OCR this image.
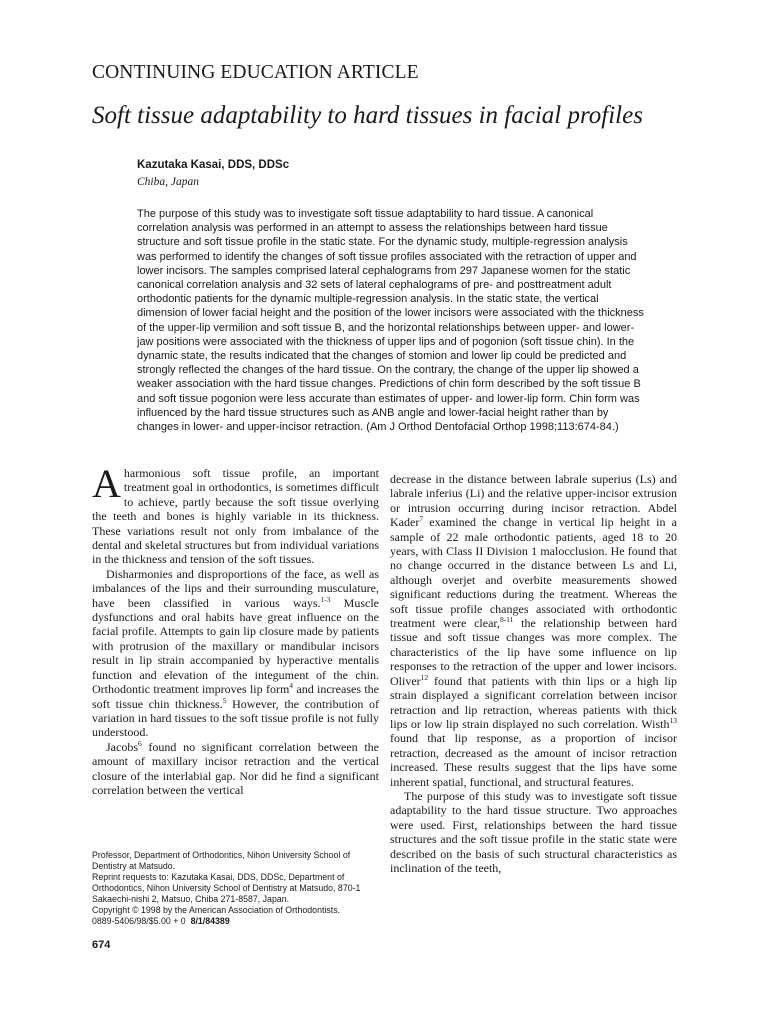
CONTINUING EDUCATION ARTICLE
Soft tissue adaptability to hard tissues in facial profiles

Kazutaka Kasai, DDS, DDSc

Chiba, Japan

The purpose of this study was to investigate soft tissue adaptability to hard tissue. A canonical correlation analysis was performed in an attempt to assess the relationships between hard tissue structure and soft tissue profile in the static state. For the dynamic study, multiple-regression analysis was performed to identify the changes of soft tissue profiles associated with the retraction of upper and lower incisors. The samples comprised lateral cephalograms from 297 Japanese women for the static canonical correlation analysis and 32 sets of lateral cephalograms of pre- and posttreatment adult orthodontic patients for the dynamic multiple-regression analysis. In the static state, the vertical dimension of lower facial height and the position of the lower incisors were associated with the thickness of the upper-lip vermilion and soft tissue B, and the horizontal relationships between upper- and lower-jaw positions were associated with the thickness of upper lips and of pogonion (soft tissue chin). In the dynamic state, the results indicated that the changes of stomion and lower lip could be predicted and strongly reflected the changes of the hard tissue. On the contrary, the change of the upper lip showed a weaker association with the hard tissue changes. Predictions of chin form described by the soft tissue B and soft tissue pogonion were less accurate than estimates of upper- and lower-lip form. Chin form was influenced by the hard tissue structures such as ANB angle and lower-facial height rather than by changes in lower- and upper-incisor retraction. (Am J Orthod Dentofacial Orthop 1998;113:674-84.)

A harmonious soft tissue profile, an important treatment goal in orthodontics, is sometimes difficult to achieve, partly because the soft tissue overlying the teeth and bones is highly variable in its thickness. These variations result not only from imbalance of the dental and skeletal structures but from individual variations in the thickness and tension of the soft tissues.

Disharmonies and disproportions of the face, as well as imbalances of the lips and their surrounding musculature, have been classified in various ways.$^{1-3}$ Muscle dysfunctions and oral habits have great influence on the facial profile. Attempts to gain lip closure made by patients with protrusion of the maxillary or mandibular incisors result in lip strain accompanied by hyperactive mentalis function and elevation of the integument of the chin. Orthodontic treatment improves lip form$^4$ and increases the soft tissue chin thickness.$^5$ However, the contribution of variation in hard tissues to the soft tissue profile is not fully understood.

Jacobs$^6$ found no significant correlation between the amount of maxillary incisor retraction and the vertical closure of the interlabial gap. Nor did he find a significant correlation between the vertical

Professor, Department of Orthodontics, Nihon University School of Dentistry at Matsudo.

Reprint requests to: Kazutaka Kasai, DDS, DDSc, Department of Orthodontics, Nihon University School of Dentistry at Matsudo, 870-1 Sakaechi-nishi 2, Matsuo, Chiba 271-8587, Japan.

Copyright © 1998 by the American Association of Orthodontists.

0889-5406/98/$5.00 + 0 8/1/84389

674

decrease in the distance between labrale superius (Ls) and labrale inferius (Li) and the relative upper-incisor extrusion or intrusion occurring during incisor retraction. Abdel Kader$^7$ examined the change in vertical lip height in a sample of 22 male orthodontic patients, aged 18 to 20 years, with Class II Division 1 malocclusion. He found that no change occurred in the distance between Ls and Li, although overjet and overbite measurements showed significant reductions during the treatment. Whereas the soft tissue profile changes associated with orthodontic treatment were clear,$^{8-11}$ the relationship between hard tissue and soft tissue changes was more complex. The characteristics of the lip have some influence on lip responses to the retraction of the upper and lower incisors. Oliver$^{12}$ found that patients with thin lips or a high lip strain displayed a significant correlation between incisor retraction and lip retraction, whereas patients with thick lips or low lip strain displayed no such correlation. Wisth$^{13}$ found that lip response, as a proportion of incisor retraction, decreased as the amount of incisor retraction increased. These results suggest that the lips have some inherent spatial, functional, and structural features.

The purpose of this study was to investigate soft tissue adaptability to the hard tissue structure. Two approaches were used. First, relationships between the hard tissue structures and the soft tissue profile in the static state were described on the basis of such structural characteristics as inclination of the teeth,
